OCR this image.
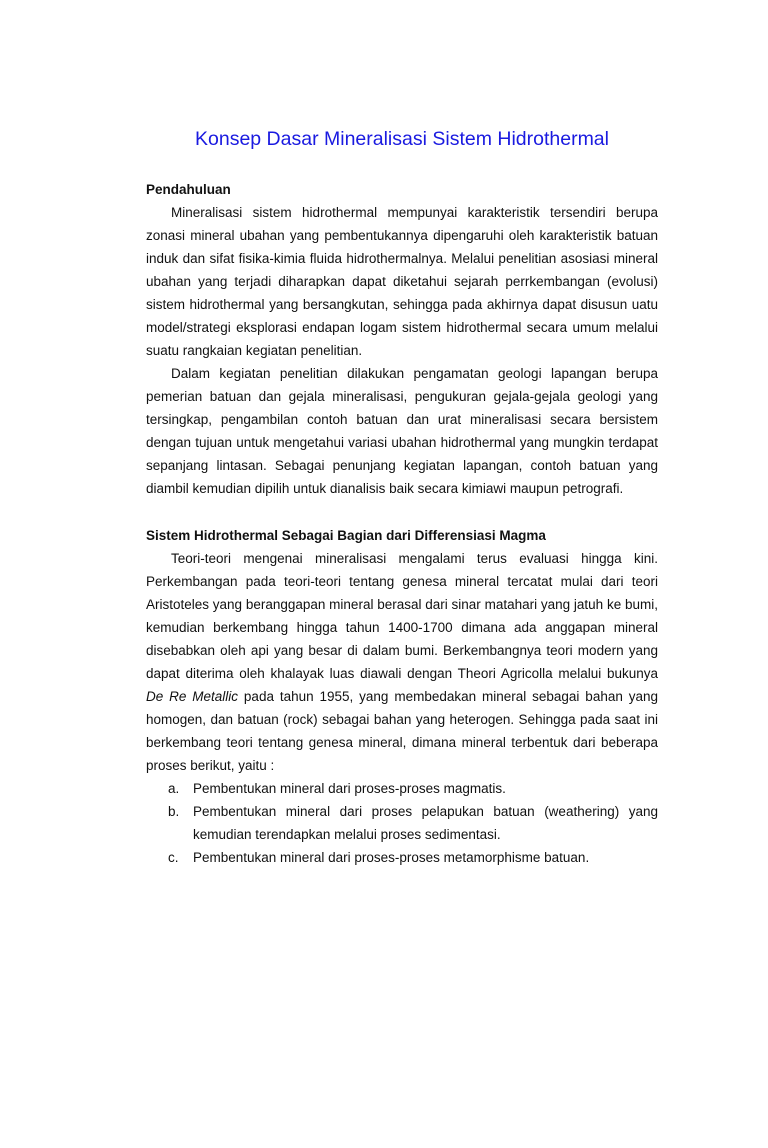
Konsep Dasar Mineralisasi Sistem Hidrothermal
Pendahuluan

Mineralisasi sistem hidrothermal mempunyai karakteristik tersendiri berupa zonasi mineral ubahan yang pembentukannya dipengaruhi oleh karakteristik batuan induk dan sifat fisika-kimia fluida hidrothermalnya. Melalui penelitian asosiasi mineral ubahan yang terjadi diharapkan dapat diketahui sejarah perrkembangan (evolusi) sistem hidrothermal yang bersangkutan, sehingga pada akhirnya dapat disusun uatu model/strategi eksplorasi endapan logam sistem hidrothermal secara umum melalui suatu rangkaian kegiatan penelitian.

Dalam kegiatan penelitian dilakukan pengamatan geologi lapangan berupa pemerian batuan dan gejala mineralisasi, pengukuran gejala-gejala geologi yang tersingkap, pengambilan contoh batuan dan urat mineralisasi secara bersistem dengan tujuan untuk mengetahui variasi ubahan hidrothermal yang mungkin terdapat sepanjang lintasan. Sebagai penunjang kegiatan lapangan, contoh batuan yang diambil kemudian dipilih untuk dianalisis baik secara kimiawi maupun petrografi.

Sistem Hidrothermal Sebagai Bagian dari Differensiasi Magma

Teori-teori mengenai mineralisasi mengalami terus evaluasi hingga kini. Perkembangan pada teori-teori tentang genesa mineral tercatat mulai dari teori Aristoteles yang beranggapan mineral berasal dari sinar matahari yang jatuh ke bumi, kemudian berkembang hingga tahun 1400-1700 dimana ada anggapan mineral disebabkan oleh api yang besar di dalam bumi. Berkembangnya teori modern yang dapat diterima oleh khalayak luas diawali dengan Theori Agricolla melalui bukunya De Re Metallic pada tahun 1955, yang membedakan mineral sebagai bahan yang homogen, dan batuan (rock) sebagai bahan yang heterogen. Sehingga pada saat ini berkembang teori tentang genesa mineral, dimana mineral terbentuk dari beberapa proses berikut, yaitu :

a. Pembentukan mineral dari proses-proses magmatis.
b. Pembentukan mineral dari proses pelapukan batuan (weathering) yang kemudian terendapkan melalui proses sedimentasi.
c. Pembentukan mineral dari proses-proses metamorphisme batuan.
